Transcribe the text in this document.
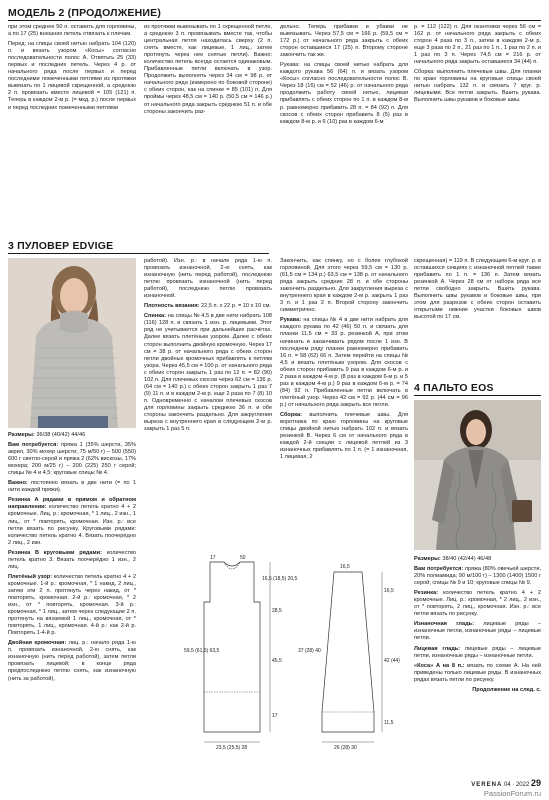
МОДЕЛЬ 2 (ПРОДОЛЖЕНИЕ)

при этом среднее 50 п. оставить для горловины, а по 17 (25) внешних петель отвязать к плечам.

Перед: на спицы своей нитью набрать 104 (120) п. и вязать узором «Косы» согласно последовательности полос A. Отвятьть 25 (33) первых и последних петель. Через 4 р. от начального ряда после первых и перед последними помеченными петлями из протяжки вывязать по 1 лицевой скрещенной, а среднюю 2 п. провязать вместе лицевой = 105 (121) п. Теперь в каждом 2-м р. (= мкд, р.) после первых и перед последних помеченными петлями

из протяжки вывязывать по 1 скрещенной петле, а среднюю 3 п. провязывать вместе так, чтобы центральная петля находилась сверху (2 п. снять вместе, как лицевые, 1 лиц., затем протянуть через нее снятые петли). Важно: количество петель всегда остается одинаковым. Прибавленные петли включать в узор. Продолжить выполнять через 34 см = 98 р. от начального ряда (измерено по боковой стороне) с обеих сторон, как на спинке = 85 (101) п. Для проймы через 48,5 см = 140 р. (50,5 см = 146 р.) от начального ряда закрыть среднюю 51 п. и обе стороны закончить раз-

дельно. Теперь прибавки и убавки не вывязывать. Через 57,5 см = 166 р. (59,5 см = 172 р.) от начального ряда закрыть с обеих сторон оставшиеся 17 (25) п. Второму стороне закончить так же.

Рукава: на спицы своей нитью набрать для каждого рукава 56 (64) п. и вязать узором «Косы» согласно последовательности полос B. Через 18 (16) см = 52 (46) р. от начального ряда продолжить работу своей нитью, лицевая прибавлять с обеих сторон по 1 п. в каждом 8-м р. равномерно прибавить 28 п. = 84 (92) п. Для скосов с обеих сторон прибавить 8 (5) раз в каждом 8-м р. и 6 (10) раз в каждом 6-м

р. = 112 (122) п. Для окантовки через 56 см = 162 р. от начального ряда закрыть с обеих сторон 4 раза по 3 п., затем в каждом 2-м р. еще 3 раза по 2 п., 21 раз по 1 п., 1 раз по 2 п. и 1 раз по 3 п. Через 74,5 см = 216 р. от начального ряда закрыть оставшиеся 34 (44) п.

Сборка: выполнить плечевые швы. Для планки по краю горловины на круговые спицы своей нитью набрать 132 п. и связать 7 круг. р. лицевыми. Все петли закрыть. Вшить рукава. Выполнить швы рукавов и боковые швы.

3 ПУЛОВЕР EDVIGE

Размеры: 36/38 (40/42) 44/46

Вам потребуется: пряжа 1 (35% шерсти, 35% акрил, 30% мохер шерсти; 75 м/50 г) – 500 (550) 600 г светло-серой и пряжа 2 (62% вискозы, 17% мохера; 200 м/25 г) – 200 (225) 250 г серой; спицы № 4 и 4,5; круговые спицы № 4.

Важно: постоянно вязать в две нити (= по 1 нити каждой пряжи).

Резинка А рядами в прямом и обратном направлении: количество петель кратно 4 + 2 кромочные. Лиц. р.: кромочная, * 1 лиц., 2 изн., 1 лиц., от * повторять, кромочная. Изн. р.: все петли вязать по рисунку. Круговыми рядами: количество петель кратно 4. Вязать поочерёдно 2 лиц., 2 изн.

Резинка В круговыми рядами: количество петель кратно 3. Вязать поочерёдно 1 изн., 2 лиц.

Плетёный узор: количество петель кратно 4 + 2 кромочные. 1-й р.: кромочная, * 1 накид, 2 лиц., затем эти 2 п. протянуть через накид, от * повторять, кромочная. 2-й р.: кромочная, * 2 изн., от * повторять, кромочная. 3-й р.: кромочная, * 1 лиц., затем через следующие 2 п. протянуть на вязаемой 1 лиц., кромочная, от * повторять, 1 лиц., кромочная. 4-й р.: как 2-й р. Повторять 1-4-й р.

Двойная кромочная: лиц. р.: начало ряда 1-ю п. провязать изнаночной, 2-ю снять, как изнаночную (нить перед работой), затем петли провязать лицевой; в конце ряда предпоследнюю петлю снять, как изнаночную (нить за работой),

работой). Изн. р.: в начале ряда 1-ю п. провязать изнаночной, 2-ю снять, как изнаночную (нить перед работой), последнюю петлю провязать изнаночной (нить перед работой), последнюю петлю провязать изнаночной.

Плотность вязания: 22,5 п. х 22 р. = 10 х 10 см.

Спинка: на спицы № 4,5 в две нити набрать 108 (116) 128 п. и связать 1 изн. р. лицевыми. Этот ряд не учитывается при дальнейших расчётах. Далее вязать плетёным узором. Далее с обеих сторон выполнить двойную кромочную. Через 17 см = 38 р. от начального ряда с обеих сторон петли двойных кромочных прибавлять к петлям узора. Через 45,5 см = 100 р. от начального ряда с обеих сторон закрыть 1 раз по 12 п. = 82 (90) 102 п. Для плечевых скосов через 62 см = 136 р. (64 см = 140 р.) с обеих сторон закрыть 1 раз 7 (9) 11 п. и в каждом 2-м р. еще 2 раза по 7 (8) 10 п. Одновременно с началом плечевых скосов для горловины закрыть среднюю 36 п. и обе стороны закончить раздельно. Для закругления выреза с внутреннего края в следующем 2-м р. закрыть 1 раз 5 п.

Закончить, как спинку, но с более глубокой горловиной. Для этого через 59,5 см = 130 р. (61,5 см = 134 р.) 63,5 см = 138 р. от начального ряда закрыть средние 28 п. и обе стороны закончить раздельно. Для закругления выреза с внутреннего края в каждом 2-м р. закрыть 1 раз 3 п. и 1 раз 2 п. Второй сторону закончить симметрично.

Рукава: на спицы № 4 в две нити набрать для каждого рукава по 42 (46) 50 п. и связать для планки 11,5 см = 33 р. резинкой А, при этом начинать и заканчивать рядом после 1 изн. В последнем ряду планки равномерно прибавить 16 п. = 58 (62) 66 п. Затем перейти на спицы № 4,5 и вязать плетёным узором. Для скосов с обеих сторон прибавить 9 раз в каждом 6-м р. и 2 раза в каждом 4-м р. (8 раз в каждом 6-м р. и 5 раз в каждом 4-м р.) 9 раз в каждом 6-м р. = 74 (84) 92 п. Прибавленные петли включать в плетёный узор. Через 42 см = 92 р. (44 см = 96 р.) от начального ряда закрыть все петли.

Сборка: выполнить плечевые швы. Для воротника по краю горловины на круговые спицы двойной нитью набрать 102 п. и вязать резинкой В. Через 6 см от начального ряда в каждой 2-й секции с лицевой петлей из 3 изнаночных прибавлять по 1 п. (= 1 изнаночная, 1 лицевая, 2

скрещенная) = 119 п. В следующем 6-м круг. р. в оставшихся секциях с изнаночной петлей также прибавить по 1 п. = 136 п. Затем вязать резинкой А. Через 28 см от набора ряда все петли свободно закрыть. Вшить рукава. Выполнить швы рукавов и боковые швы, при этом для разрезов с обеих сторон оставить открытыми нижние участки боковых швов высотой по 17 см.

17	50
16,5 (18,5) 20,5
28,5
59,5 (61,5) 63,5
45,5
17
23,5 (25,5) 28
16,5
16,5
37 (28) 40
42 (44)
11,5
26 (28) 30
4 ПАЛЬТО EOS

Размеры: 38/40 (42/44) 46/48

Вам потребуется: пряжа (80% овечьей шерсти, 20% полиамида; 90 м/100 г) – 1300 (1400) 1500 г серой; спицы № 9 и 10; круговые спицы № 9.

Резинка: количество петель кратно 4 + 2 кромочные. Лиц. р.: кромочная, * 2 лиц., 2 изн., от * повторять, 2 лиц., кромочная. Изн. р.: все петли вязать по рисунку.

Изнаночная гладь: лицевые ряды – изнаночные петли, изнаночные ряды – лицевые петли.

Лицевая гладь: лицевые ряды – лицевые петли, изнаночные ряды – изнаночные петли.

«Коса» А на 8 п.: вязать по схеме А. На ней приведены только лицевые ряды. В изнаночных рядах вязать петли по рисунку.

Продолжение на след. с.

VERENA 04 · 2022 29
PassionForum.ru
